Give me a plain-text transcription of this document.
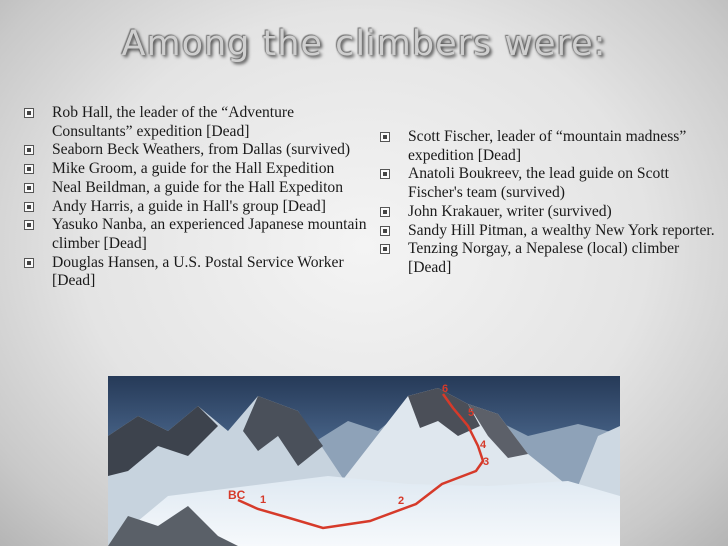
Among the climbers were:
Rob Hall, the leader of the “Adventure Consultants” expedition [Dead]
Seaborn Beck Weathers, from Dallas (survived)
Mike Groom, a guide for the Hall Expedition
Neal Beildman, a guide for the Hall Expediton
Andy Harris, a guide in Hall's group [Dead]
Yasuko Nanba, an experienced Japanese mountain climber [Dead]
Douglas Hansen, a U.S. Postal Service Worker [Dead]
Scott Fischer, leader of “mountain madness” expedition [Dead]
Anatoli Boukreev, the lead guide on Scott Fischer's team (survived)
John Krakauer, writer (survived)
Sandy Hill Pitman, a wealthy New York reporter.
Tenzing Norgay, a Nepalese (local) climber [Dead]
BC 1	2
3
4
5
6
